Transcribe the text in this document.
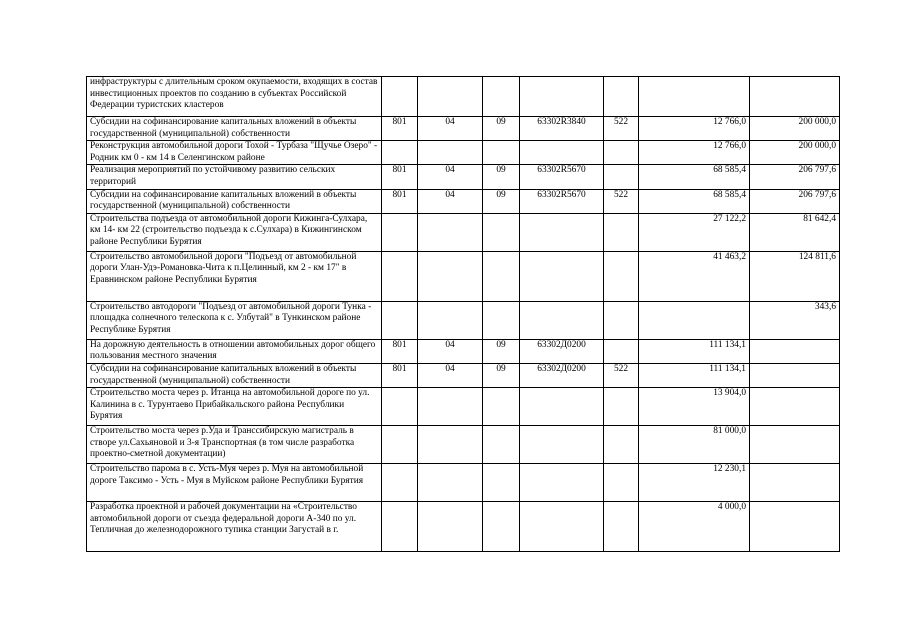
инфраструктуры с длительным сроком окупаемости, входящих в состав инвестиционных проектов по созданию в субъектах Российской Федерации туристских кластеров							
Субсидии на софинансирование капитальных вложений в объекты государственной (муниципальной) собственности	801	04	09	63302R3840	522	12 766,0	200 000,0
Реконструкция автомобильной дороги Тохой - Турбаза "Щучье Озеро" - Родник км 0 - км 14 в Селенгинском районе						12 766,0	200 000,0
Реализация мероприятий по устойчивому развитию сельских территорий	801	04	09	63302R5670		68 585,4	206 797,6
Субсидии на софинансирование капитальных вложений в объекты государственной (муниципальной) собственности	801	04	09	63302R5670	522	68 585,4	206 797,6
Строительства подъезда от автомобильной дороги Кижинга-Сулхара, км 14- км 22 (строительство подъезда к с.Сулхара) в Кижингинском районе Республики Бурятия						27 122,2	81 642,4
Строительство автомобильной дороги "Подъезд от автомобильной дороги Улан-Удэ-Романовка-Чита к п.Целинный, км 2 - км 17" в Еравнинском районе Республики Бурятия						41 463,2	124 811,6
Строительство автодороги "Подъезд от автомобильной дороги Тунка - площадка солнечного телескопа к с. Улбутай" в Тункинском районе Республике Бурятия							343,6
На дорожную деятельность в отношении автомобильных дорог общего пользования местного значения	801	04	09	63302Д0200		111 134,1	
Субсидии на софинансирование капитальных вложений в объекты государственной (муниципальной) собственности	801	04	09	63302Д0200	522	111 134,1	
Строительство моста через р. Итанца на автомобильной дороге по ул. Калинина в с. Турунтаево Прибайкальского района Республики Бурятия						13 904,0	
Строительство моста через р.Уда и Транссибирскую магистраль в створе ул.Сахьяновой и 3-я Транспортная (в том числе разработка проектно-сметной документации)						81 000,0	
Строительство парома в с. Усть-Муя через р. Муя на автомобильной дороге Таксимо - Усть - Муя в Муйском районе Республики Бурятия						12 230,1	
Разработка проектной и рабочей документации на «Строительство автомобильной дороги от съезда федеральной дороги А-340 по ул. Тепличная до железнодорожного тупика станции Загустай в г.						4 000,0	
